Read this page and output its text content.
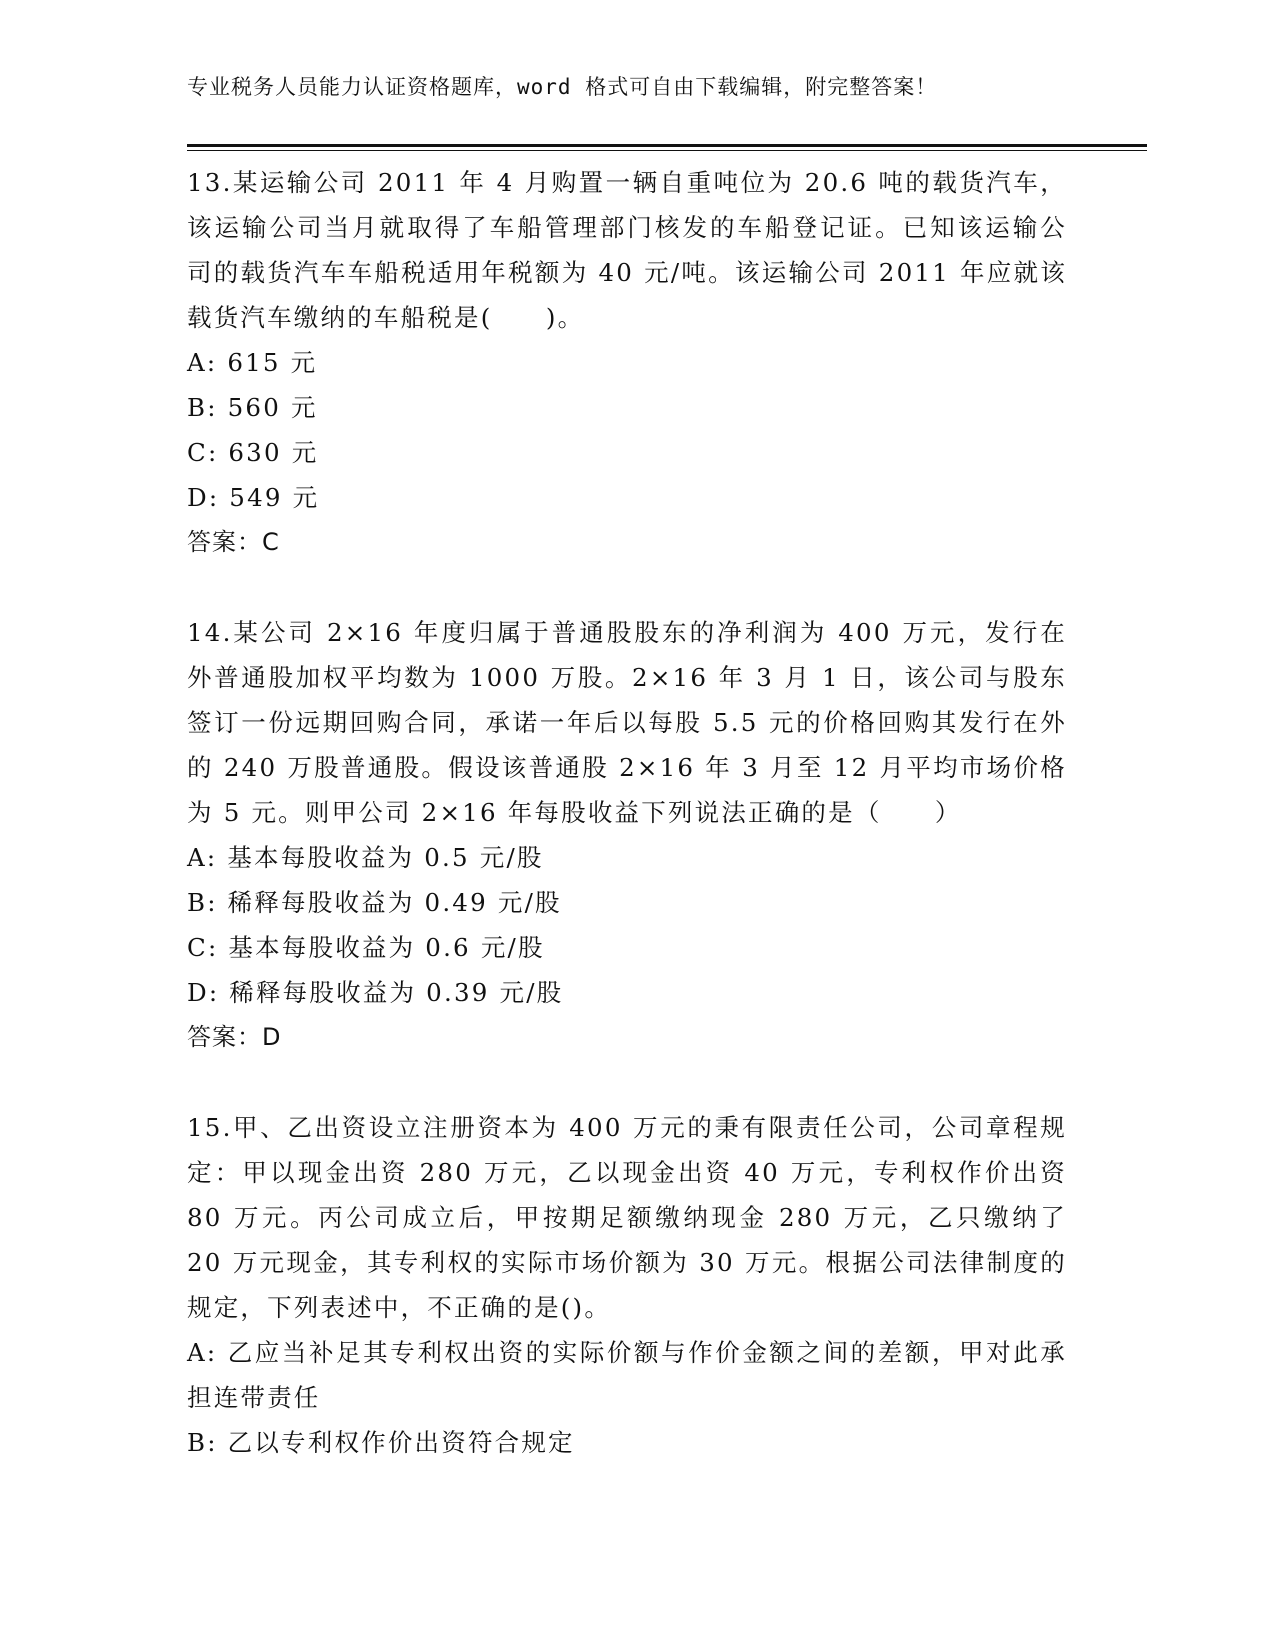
专业税务人员能力认证资格题库，word 格式可自由下载编辑，附完整答案！

13.某运输公司 2011 年 4 月购置一辆自重吨位为 20.6 吨的载货汽车，该运输公司当月就取得了车船管理部门核发的车船登记证。已知该运输公司的载货汽车车船税适用年税额为 40 元/吨。该运输公司 2011 年应就该载货汽车缴纳的车船税是(　　)。

A: 615 元

B: 560 元

C: 630 元

D: 549 元

答案：C

14.某公司 2×16 年度归属于普通股股东的净利润为 400 万元，发行在外普通股加权平均数为 1000 万股。2×16 年 3 月 1 日，该公司与股东签订一份远期回购合同，承诺一年后以每股 5.5 元的价格回购其发行在外的 240 万股普通股。假设该普通股 2×16 年 3 月至 12 月平均市场价格为 5 元。则甲公司 2×16 年每股收益下列说法正确的是（　　）

A: 基本每股收益为 0.5 元/股

B: 稀释每股收益为 0.49 元/股

C: 基本每股收益为 0.6 元/股

D: 稀释每股收益为 0.39 元/股

答案：D

15.甲、乙出资设立注册资本为 400 万元的秉有限责任公司，公司章程规定：甲以现金出资 280 万元，乙以现金出资 40 万元，专利权作价出资 80 万元。丙公司成立后，甲按期足额缴纳现金 280 万元，乙只缴纳了 20 万元现金，其专利权的实际市场价额为 30 万元。根据公司法律制度的规定，下列表述中，不正确的是()。

A: 乙应当补足其专利权出资的实际价额与作价金额之间的差额，甲对此承担连带责任

B: 乙以专利权作价出资符合规定
